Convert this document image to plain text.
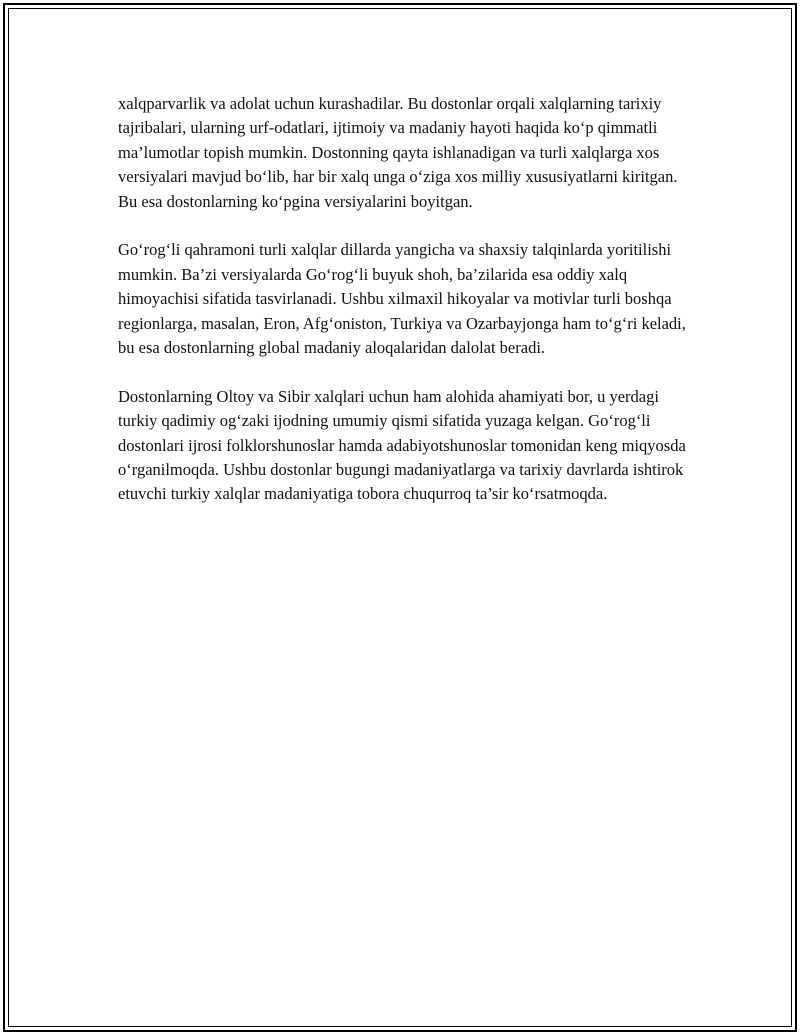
xalqparvarlik va adolat uchun kurashadilar. Bu dostonlar orqali xalqlarning tarixiy tajribalari, ularning urf-odatlari, ijtimoiy va madaniy hayoti haqida ko‘p qimmatli ma’lumotlar topish mumkin. Dostonning qayta ishlanadigan va turli xalqlarga xos versiyalari mavjud bo‘lib, har bir xalq unga o‘ziga xos milliy xususiyatlarni kiritgan. Bu esa dostonlarning ko‘pgina versiyalarini boyitgan.

Go‘rog‘li qahramoni turli xalqlar dillarda yangicha va shaxsiy talqinlarda yoritilishi mumkin. Ba’zi versiyalarda Go‘rog‘li buyuk shoh, ba’zilarida esa oddiy xalq himoyachisi sifatida tasvirlanadi. Ushbu xilmaxil hikoyalar va motivlar turli boshqa regionlarga, masalan, Eron, Afg‘oniston, Turkiya va Ozarbayjonga ham to‘g‘ri keladi, bu esa dostonlarning global madaniy aloqalaridan dalolat beradi.

Dostonlarning Oltoy va Sibir xalqlari uchun ham alohida ahamiyati bor, u yerdagi turkiy qadimiy og‘zaki ijodning umumiy qismi sifatida yuzaga kelgan. Go‘rog‘li dostonlari ijrosi folklorshunoslar hamda adabiyotshunoslar tomonidan keng miqyosda o‘rganilmoqda. Ushbu dostonlar bugungi madaniyatlarga va tarixiy davrlarda ishtirok etuvchi turkiy xalqlar madaniyatiga tobora chuqurroq ta’sir ko‘rsatmoqda.
